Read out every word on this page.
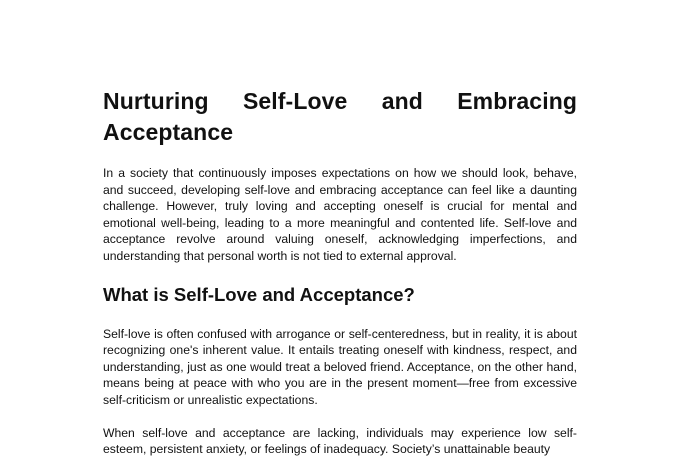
Nurturing Self-Love and Embracing Acceptance

In a society that continuously imposes expectations on how we should look, behave, and succeed, developing self-love and embracing acceptance can feel like a daunting challenge. However, truly loving and accepting oneself is crucial for mental and emotional well-being, leading to a more meaningful and contented life. Self-love and acceptance revolve around valuing oneself, acknowledging imperfections, and understanding that personal worth is not tied to external approval.

What is Self-Love and Acceptance?

Self-love is often confused with arrogance or self-centeredness, but in reality, it is about recognizing one's inherent value. It entails treating oneself with kindness, respect, and understanding, just as one would treat a beloved friend. Acceptance, on the other hand, means being at peace with who you are in the present moment—free from excessive self-criticism or unrealistic expectations.

When self-love and acceptance are lacking, individuals may experience low self-esteem, persistent anxiety, or feelings of inadequacy. Society’s unattainable beauty
